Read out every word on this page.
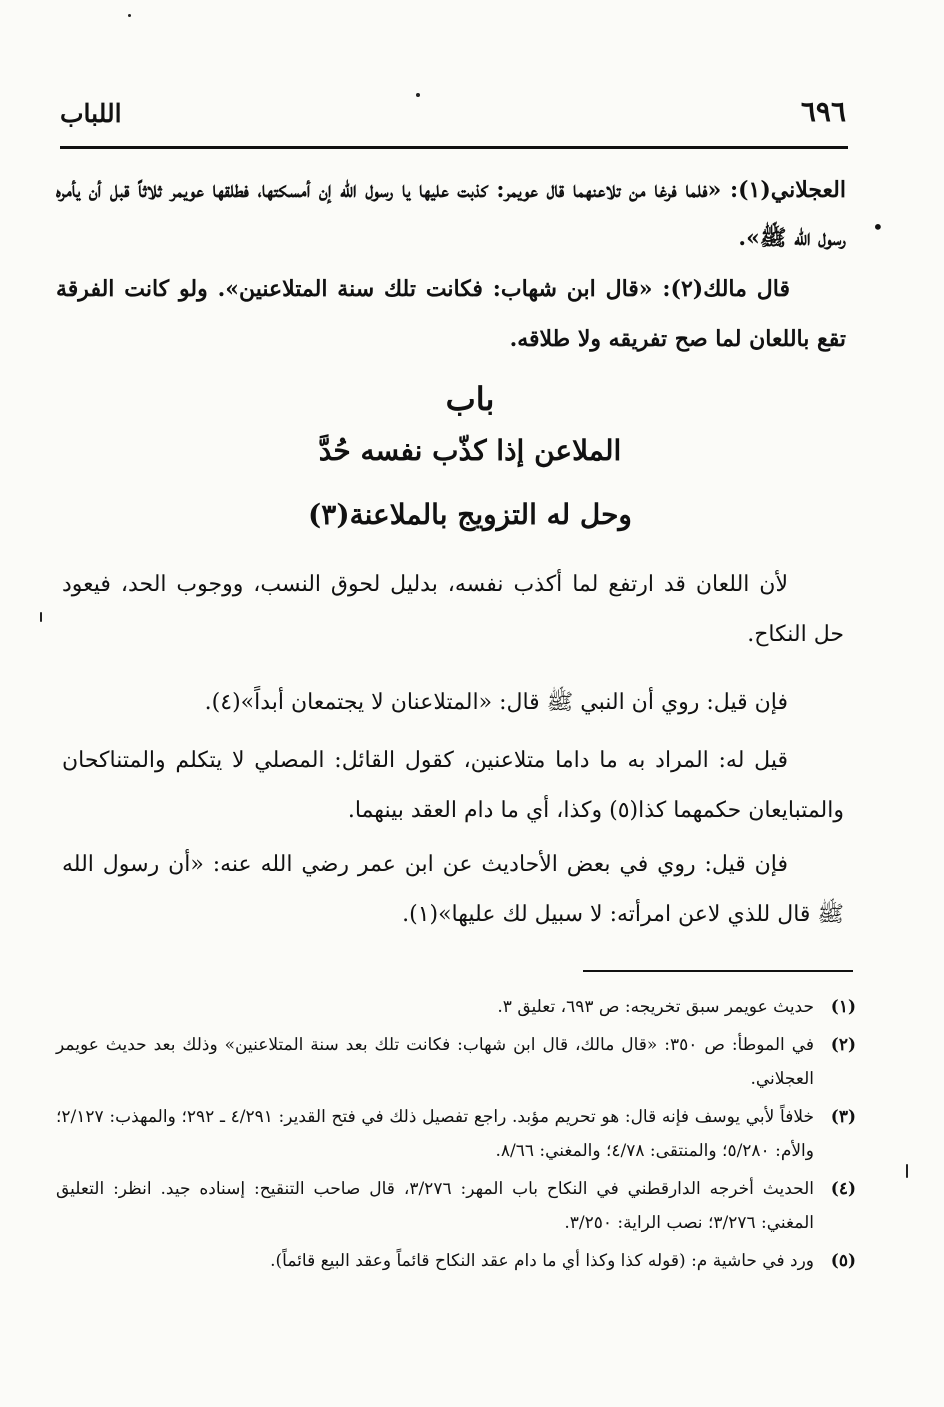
٦٩٦
اللباب
•

العجلاني(١): «فلما فرغا من تلاعنهما قال عويمر: كذبت عليها يا رسول الله إن أمسكتها، فطلقها عويمر ثلاثاً قبل أن يأمره رسول الله ﷺ».

قال مالك(٢): «قال ابن شهاب: فكانت تلك سنة المتلاعنين». ولو كانت الفرقة تقع باللعان لما صح تفريقه ولا طلاقه.

باب
الملاعن إذا كذّب نفسه حُدَّ
وحل له التزويج بالملاعنة(٣)

لأن اللعان قد ارتفع لما أكذب نفسه، بدليل لحوق النسب، ووجوب الحد، فيعود حل النكاح.

فإن قيل: روي أن النبي ﷺ قال: «المتلاعنان لا يجتمعان أبداً»(٤).

قيل له: المراد به ما داما متلاعنين، كقول القائل: المصلي لا يتكلم والمتناكحان والمتبايعان حكمهما كذا(٥) وكذا، أي ما دام العقد بينهما.

فإن قيل: روي في بعض الأحاديث عن ابن عمر رضي الله عنه: «أن رسول الله ﷺ قال للذي لاعن امرأته: لا سبيل لك عليها»(١).

(١)
حديث عويمر سبق تخريجه: ص ٦٩٣، تعليق ٣.
(٢)
في الموطأ: ص ٣٥٠: «قال مالك، قال ابن شهاب: فكانت تلك بعد سنة المتلاعنين» وذلك بعد حديث عويمر العجلاني.
(٣)
خلافاً لأبي يوسف فإنه قال: هو تحريم مؤبد. راجع تفصيل ذلك في فتح القدير: ٤/٢٩١ ـ ٢٩٢؛ والمهذب: ٢/١٢٧؛ والأم: ٥/٢٨٠؛ والمنتقى: ٤/٧٨؛ والمغني: ٨/٦٦.
(٤)
الحديث أخرجه الدارقطني في النكاح باب المهر: ٣/٢٧٦، قال صاحب التنقيح: إسناده جيد. انظر: التعليق المغني: ٣/٢٧٦؛ نصب الراية: ٣/٢٥٠.
(٥)
ورد في حاشية م: (قوله كذا وكذا أي ما دام عقد النكاح قائماً وعقد البيع قائماً).
